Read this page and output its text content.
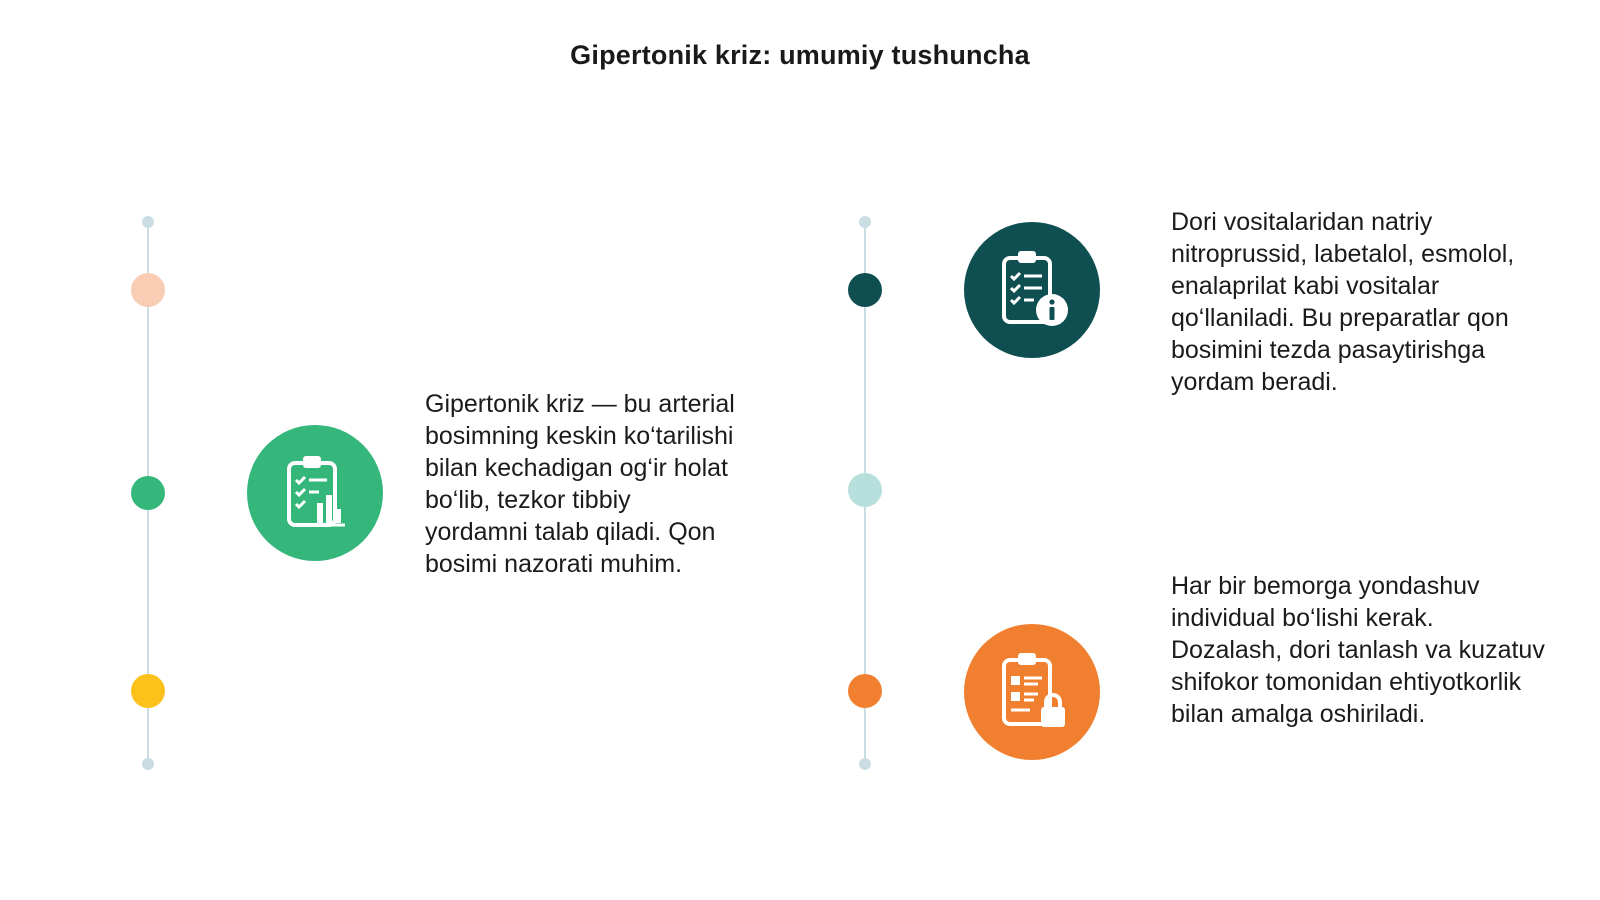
Gipertonik kriz: umumiy tushuncha
Gipertonik kriz — bu arterial bosimning keskin ko‘tarilishi bilan kechadigan og‘ir holat bo‘lib, tezkor tibbiy yordamni talab qiladi. Qon bosimi nazorati muhim.
Dori vositalaridan natriy nitroprussid, labetalol, esmolol, enalaprilat kabi vositalar qo‘llaniladi. Bu preparatlar qon bosimini tezda pasaytirishga yordam beradi.
Har bir bemorga yondashuv individual bo‘lishi kerak. Dozalash, dori tanlash va kuzatuv shifokor tomonidan ehtiyotkorlik bilan amalga oshiriladi.
